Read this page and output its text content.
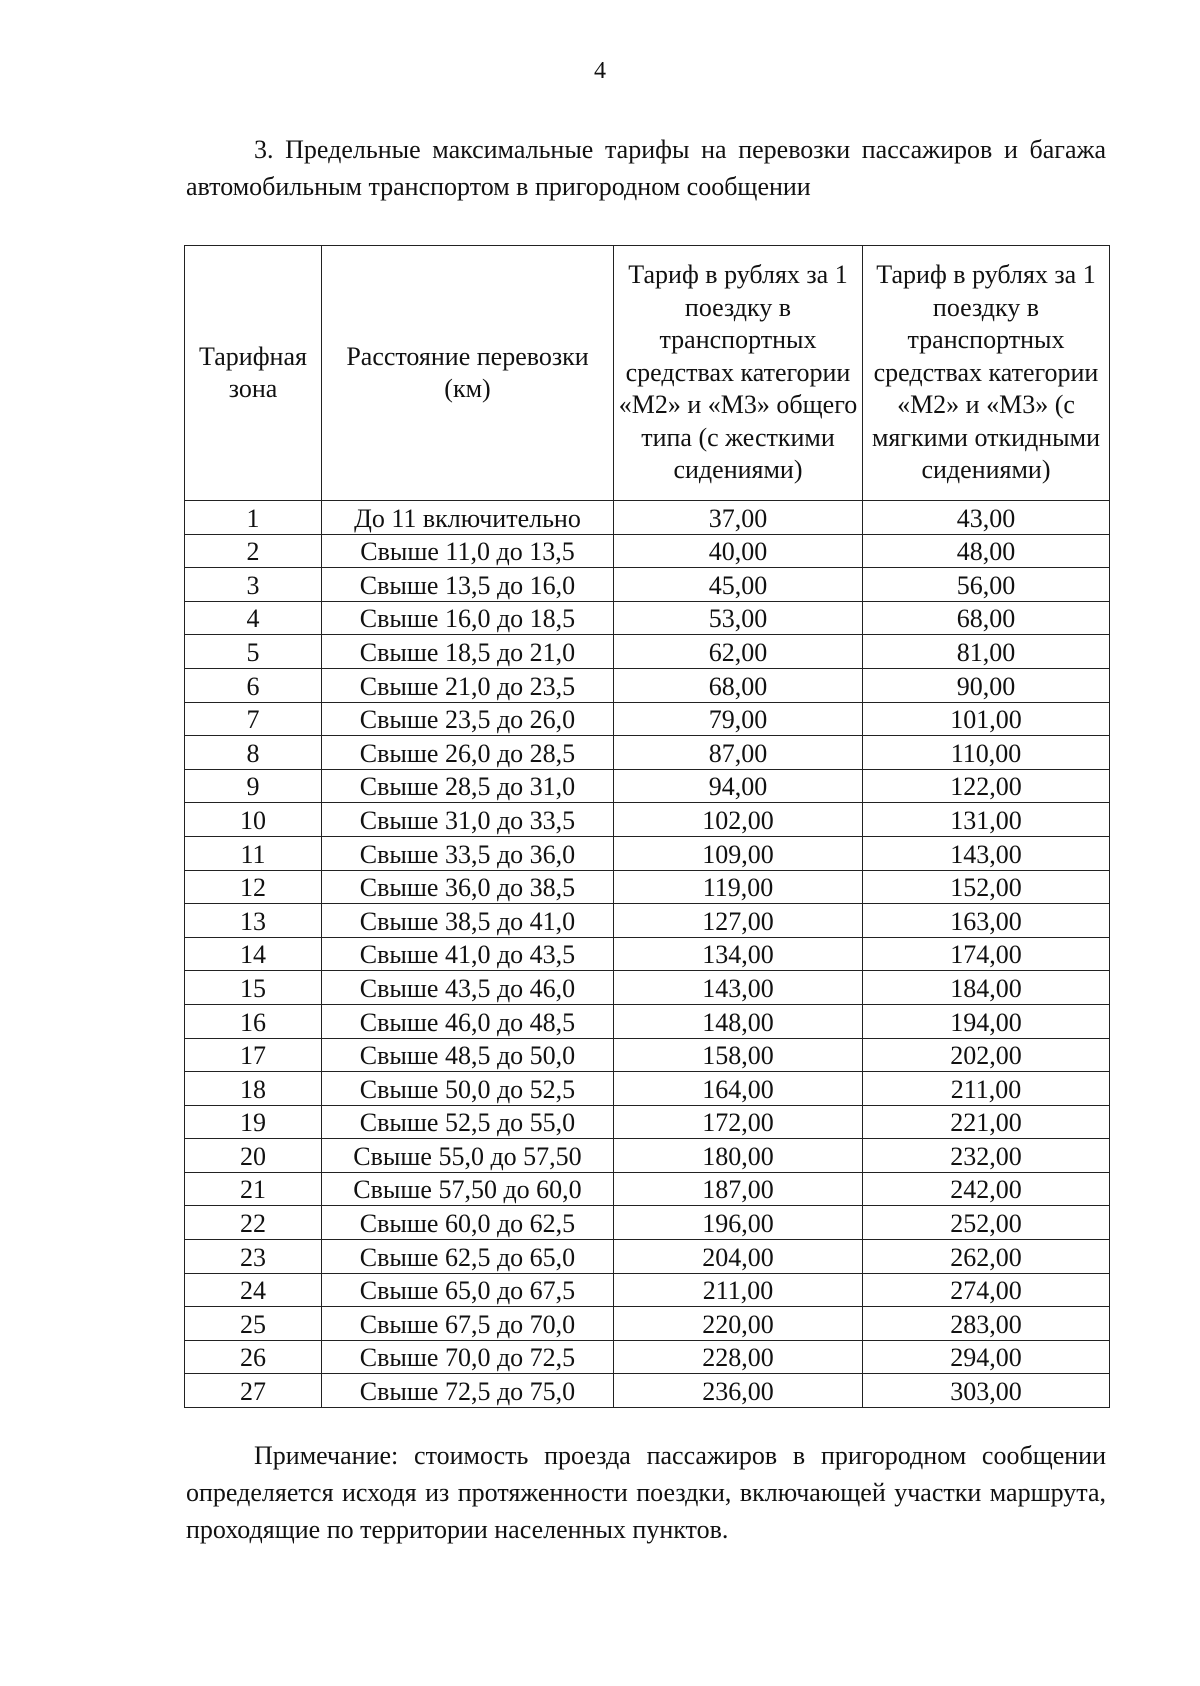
4
3. Предельные максимальные тарифы на перевозки пассажиров и багажа автомобильным транспортом в пригородном сообщении
Тарифная зона	Расстояние перевозки (км)	Тариф в рублях за 1 поездку в транспортных средствах категории «М2» и «М3» общего типа (с жесткими сидениями)	Тариф в рублях за 1 поездку в транспортных средствах категории «М2» и «М3» (с мягкими откидными сидениями)
1	До 11 включительно	37,00	43,00
2	Свыше 11,0 до 13,5	40,00	48,00
3	Свыше 13,5 до 16,0	45,00	56,00
4	Свыше 16,0 до 18,5	53,00	68,00
5	Свыше 18,5 до 21,0	62,00	81,00
6	Свыше 21,0 до 23,5	68,00	90,00
7	Свыше 23,5 до 26,0	79,00	101,00
8	Свыше 26,0 до 28,5	87,00	110,00
9	Свыше 28,5 до 31,0	94,00	122,00
10	Свыше 31,0 до 33,5	102,00	131,00
11	Свыше 33,5 до 36,0	109,00	143,00
12	Свыше 36,0 до 38,5	119,00	152,00
13	Свыше 38,5 до 41,0	127,00	163,00
14	Свыше 41,0 до 43,5	134,00	174,00
15	Свыше 43,5 до 46,0	143,00	184,00
16	Свыше 46,0 до 48,5	148,00	194,00
17	Свыше 48,5 до 50,0	158,00	202,00
18	Свыше 50,0 до 52,5	164,00	211,00
19	Свыше 52,5 до 55,0	172,00	221,00
20	Свыше 55,0 до 57,50	180,00	232,00
21	Свыше 57,50 до 60,0	187,00	242,00
22	Свыше 60,0 до 62,5	196,00	252,00
23	Свыше 62,5 до 65,0	204,00	262,00
24	Свыше 65,0 до 67,5	211,00	274,00
25	Свыше 67,5 до 70,0	220,00	283,00
26	Свыше 70,0 до 72,5	228,00	294,00
27	Свыше 72,5 до 75,0	236,00	303,00
Примечание: стоимость проезда пассажиров в пригородном сообщении определяется исходя из протяженности поездки, включающей участки маршрута, проходящие по территории населенных пунктов.
